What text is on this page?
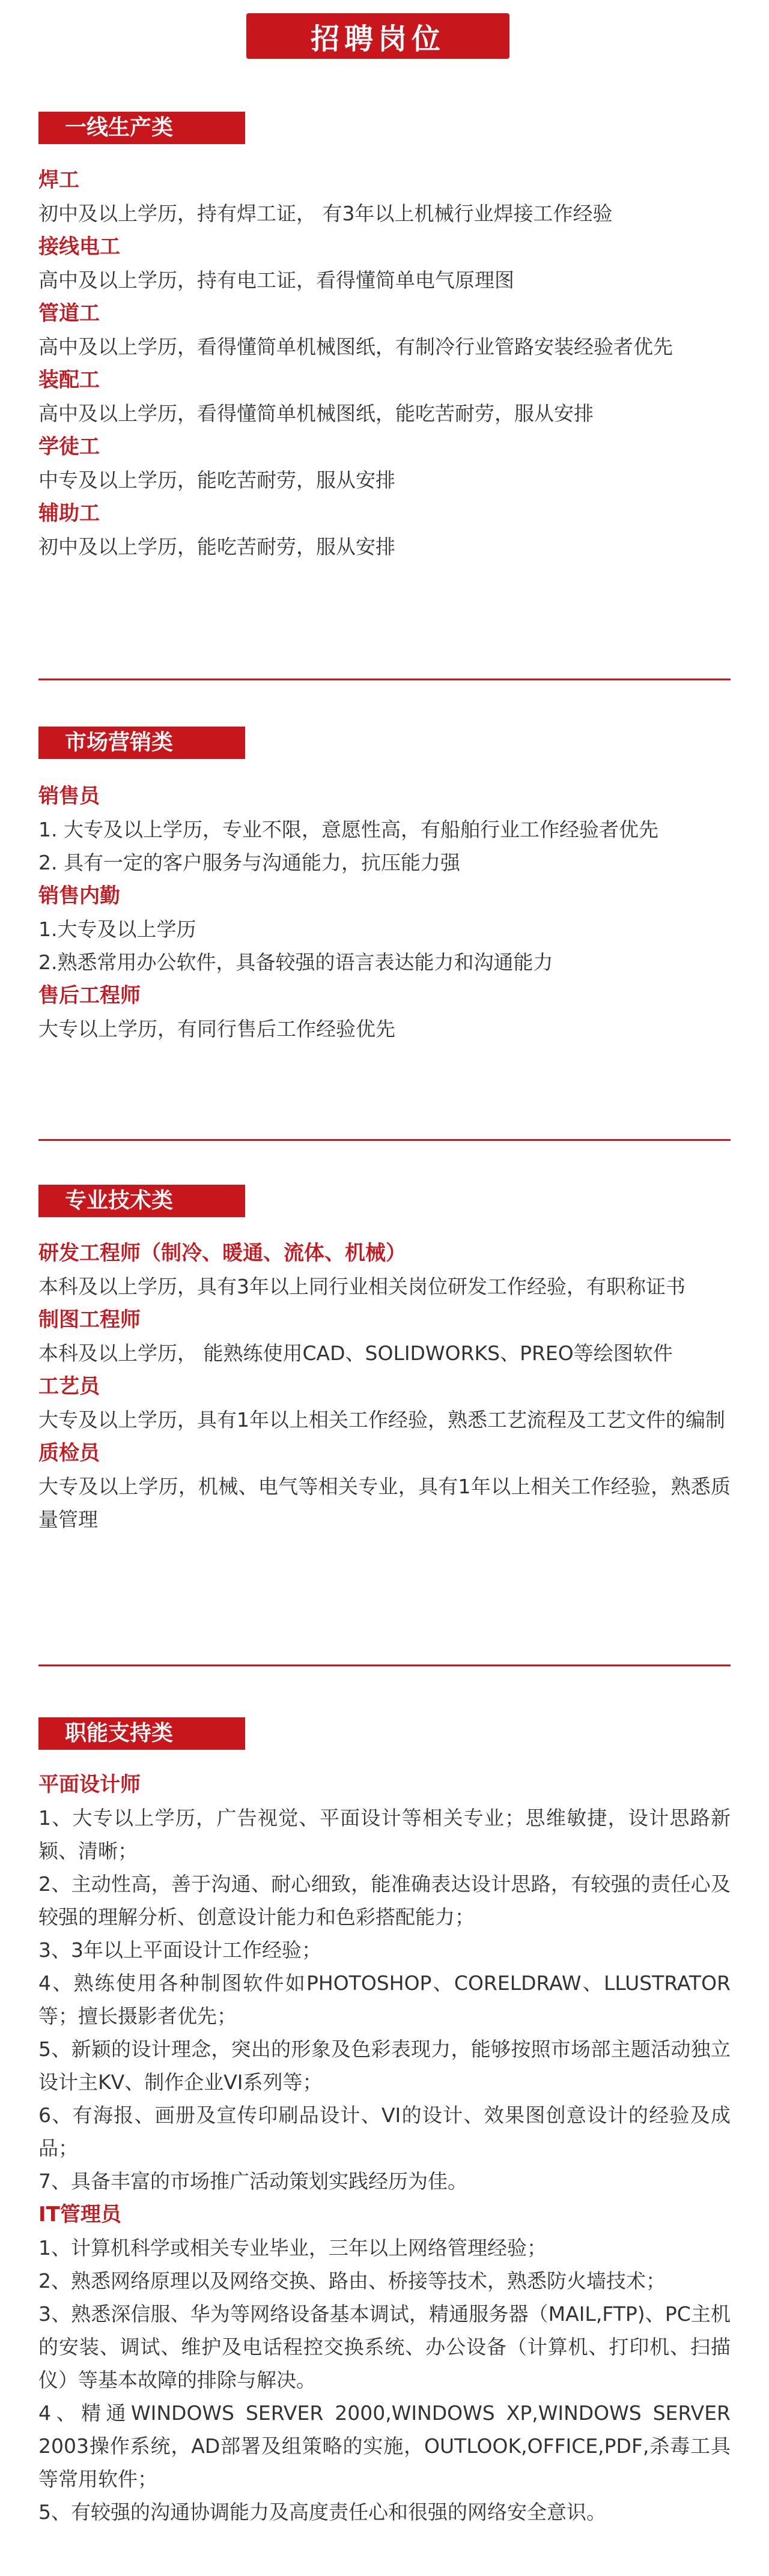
招聘岗位
一线生产类
焊工
初中及以上学历，持有焊工证， 有3年以上机械行业焊接工作经验
接线电工
高中及以上学历，持有电工证，看得懂简单电气原理图
管道工
高中及以上学历，看得懂简单机械图纸，有制冷行业管路安装经验者优先
装配工
高中及以上学历，看得懂简单机械图纸，能吃苦耐劳，服从安排
学徒工
中专及以上学历，能吃苦耐劳，服从安排
辅助工
初中及以上学历，能吃苦耐劳，服从安排
市场营销类
销售员
1. 大专及以上学历，专业不限，意愿性高，有船舶行业工作经验者优先
2. 具有一定的客户服务与沟通能力，抗压能力强
销售内勤
1.大专及以上学历
2.熟悉常用办公软件，具备较强的语言表达能力和沟通能力
售后工程师
大专以上学历，有同行售后工作经验优先
专业技术类
研发工程师（制冷、暖通、流体、机械）
本科及以上学历，具有3年以上同行业相关岗位研发工作经验，有职称证书
制图工程师
本科及以上学历， 能熟练使用CAD、SOLIDWORKS、PREO等绘图软件
工艺员
大专及以上学历，具有1年以上相关工作经验，熟悉工艺流程及工艺文件的编制
质检员
大专及以上学历，机械、电气等相关专业，具有1年以上相关工作经验，熟悉质量管理
职能支持类
平面设计师
1、大专以上学历，广告视觉、平面设计等相关专业；思维敏捷，设计思路新颖、清晰；
2、主动性高，善于沟通、耐心细致，能准确表达设计思路，有较强的责任心及较强的理解分析、创意设计能力和色彩搭配能力；
3、3年以上平面设计工作经验；
4、熟练使用各种制图软件如PHOTOSHOP、CORELDRAW、LLUSTRATOR等；擅长摄影者优先；
5、新颖的设计理念，突出的形象及色彩表现力，能够按照市场部主题活动独立设计主KV、制作企业VI系列等；
6、有海报、画册及宣传印刷品设计、VI的设计、效果图创意设计的经验及成品；
7、具备丰富的市场推广活动策划实践经历为佳。
IT管理员
1、计算机科学或相关专业毕业，三年以上网络管理经验；
2、熟悉网络原理以及网络交换、路由、桥接等技术，熟悉防火墙技术；
3、熟悉深信服、华为等网络设备基本调试，精通服务器（MAIL,FTP)、PC主机的安装、调试、维护及电话程控交换系统、办公设备（计算机、打印机、扫描仪）等基本故障的排除与解决。
4、精通WINDOWS SERVER 2000,WINDOWS XP,WINDOWS SERVER 2003操作系统，AD部署及组策略的实施，OUTLOOK,OFFICE,PDF,杀毒工具等常用软件；
5、有较强的沟通协调能力及高度责任心和很强的网络安全意识。
